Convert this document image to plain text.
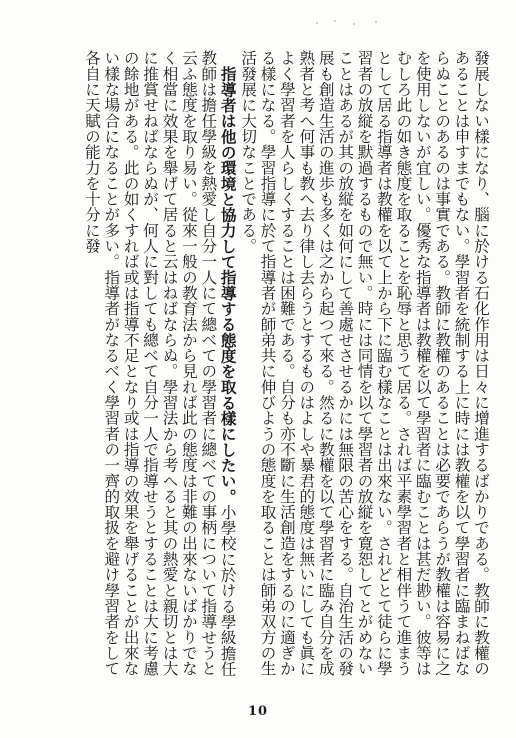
發展しない樣になり、腦に於ける石化作用は日々に增進するばかりである。教師に教權のあることは申すまでもない。學習者を統制する上に時には教權を以て學習者に臨まねばならぬことのあるのは事實である。教師に教權のあることは必要であらうが教權は容易に之を使用しないが宜しい。優秀な指導者は教權を以て學習者に臨むことは甚だ尠い。彼等はむしろ此の如き態度を取ることを恥辱と思うて居る。されば平素學習者と相伴うて進まうとして居る指導者は教權を以て上から下に臨む樣なことは出來ない。されどとて徒らに學習者の放縦を默過するもので無い。時には同情を以て學習者の放縦を寛恕してとがめないことはあるが其の放縦を如何にして善處せさせるかには無限の苦心をする。自治生活の發展も創造生活の進歩も多くは之から起つて來る。然るに教權を以て學習者に臨み自分を成熟者と考へ何事も教へ去り律し去らうとするものはよしや暴君的態度は無いにしても眞によく學習者を人らしくすることは困難である。自分も亦不斷に生活創造をするのに適ぎかる樣になる。學習指導に於て指導者が師弟共に伸びようの態度を取ることは師弟双方の生活發展に大切なことである。

指導者は他の環境と協力して指導する態度を取る樣にしたい。小學校に於ける學級擔任教師は擔任學級を熱愛し自分一人にて總べての學習者に總べての事柄について指導せうと云ふ態度を取り易い。從來一般の教育法から見れば此の態度は非難の出來ないばかりでなく相當に效果を舉げて居ると云はねばならぬ。學習法から考へると其の熱愛と親切とは大に推賞せねばならぬが、何人に對しても總べて自分一人で指導せうとすることは大に考慮の餘地がある。此の如くすれば或は指導不足となり或は指導の效果を舉げることが出來ない樣な場合になることが多い。指導者がなるべく學習者の一齊的取扱を避け學習者をして各自に天賦の能力を十分に發

10
